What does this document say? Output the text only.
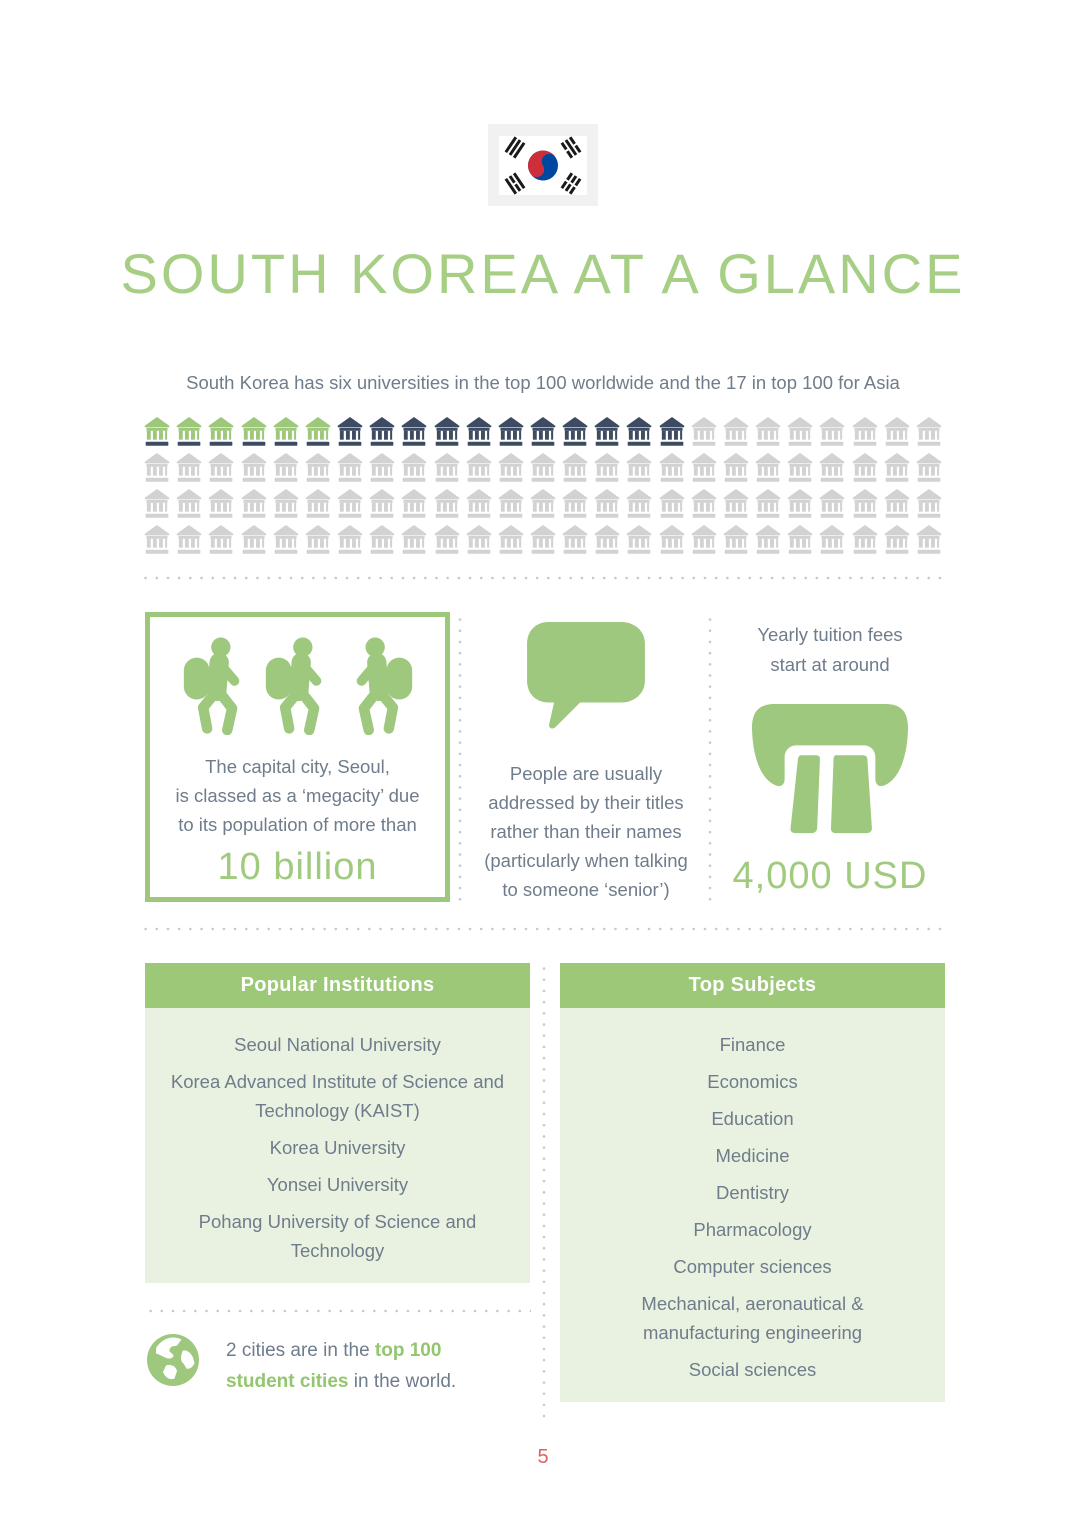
SOUTH KOREA AT A GLANCE
South Korea has six universities in the top 100 worldwide and the 17 in top 100 for Asia
The capital city, Seoul,
is classed as a ‘megacity’ due
to its population of more than
10 billion
People are usually
addressed by their titles
rather than their names
(particularly when talking
to someone ‘senior’)
Yearly tuition fees
start at around
4,000 USD
Popular Institutions
Seoul National University
Korea Advanced Institute of Science and Technology (KAIST)
Korea University
Yonsei University
Pohang University of Science and Technology
Top Subjects
Finance
Economics
Education
Medicine
Dentistry
Pharmacology
Computer sciences
Mechanical, aeronautical & manufacturing engineering
Social sciences

2 cities are in the top 100 student cities in the world.

5
